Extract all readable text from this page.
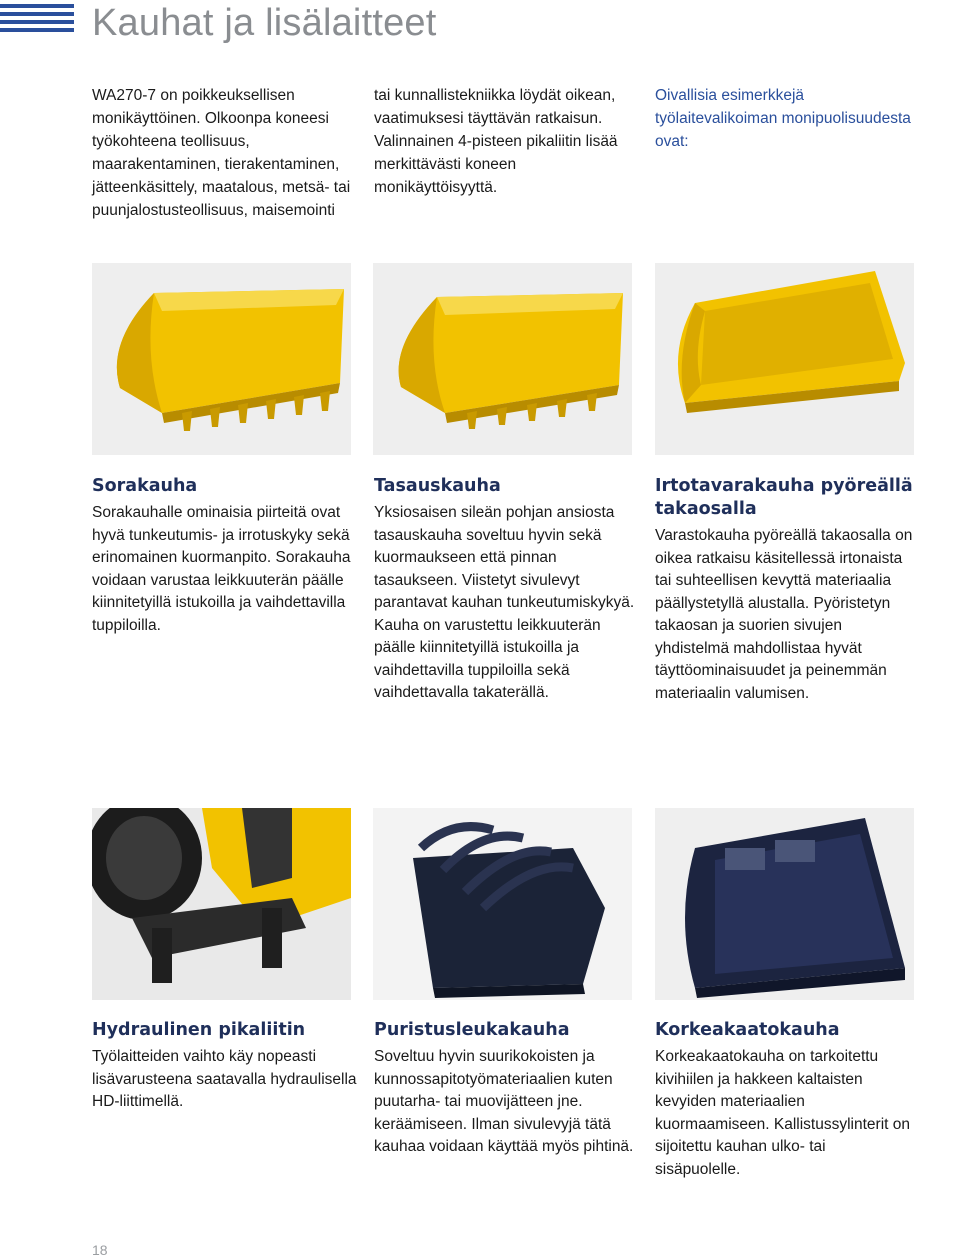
Kauhat ja lisälaitteet
WA270-7 on poikkeuksellisen monikäyttöinen. Olkoonpa koneesi työkohteena teollisuus, maarakentaminen, tierakentaminen, jätteenkäsittely, maatalous, metsä- tai puunjalostusteollisuus, maisemointi
tai kunnallistekniikka löydät oikean, vaatimuksesi täyttävän ratkaisun. Valinnainen 4-pisteen pikaliitin lisää merkittävästi koneen monikäyttöisyyttä.
Oivallisia esimerkkejä työlaitevalikoiman monipuolisuudesta ovat:
Sorakauha

Sorakauhalle ominaisia piirteitä ovat hyvä tunkeutumis- ja irrotuskyky sekä erinomainen kuormanpito. Sorakauha voidaan varustaa leikkuuterän päälle kiinnitetyillä istukoilla ja vaihdettavilla tuppiloilla.

Tasauskauha

Yksiosaisen sileän pohjan ansiosta tasauskauha soveltuu hyvin sekä kuormaukseen että pinnan tasaukseen. Viistetyt sivulevyt parantavat kauhan tunkeutumiskykyä. Kauha on varustettu leikkuuterän päälle kiinnitetyillä istukoilla ja vaihdettavilla tuppiloilla sekä vaihdettavalla takaterällä.

Irtotavarakauha pyöreällä takaosalla

Varastokauha pyöreällä takaosalla on oikea ratkaisu käsitellessä irtonaista tai suhteellisen kevyttä materiaalia päällystetyllä alustalla. Pyöristetyn takaosan ja suorien sivujen yhdistelmä mahdollistaa hyvät täyttöominaisuudet ja peinemmän materiaalin valumisen.

Hydraulinen pikaliitin

Työlaitteiden vaihto käy nopeasti lisävarusteena saatavalla hydraulisella HD-liittimellä.

Puristusleukakauha

Soveltuu hyvin suurikokoisten ja kunnossapitotyömateriaalien kuten puutarha- tai muovijätteen jne. keräämiseen. Ilman sivulevyjä tätä kauhaa voidaan käyttää myös pihtinä.

Korkeakaatokauha

Korkeakaatokauha on tarkoitettu kivihiilen ja hakkeen kaltaisten kevyiden materiaalien kuormaamiseen. Kallistussylinterit on sijoitettu kauhan ulko- tai sisäpuolelle.

18
